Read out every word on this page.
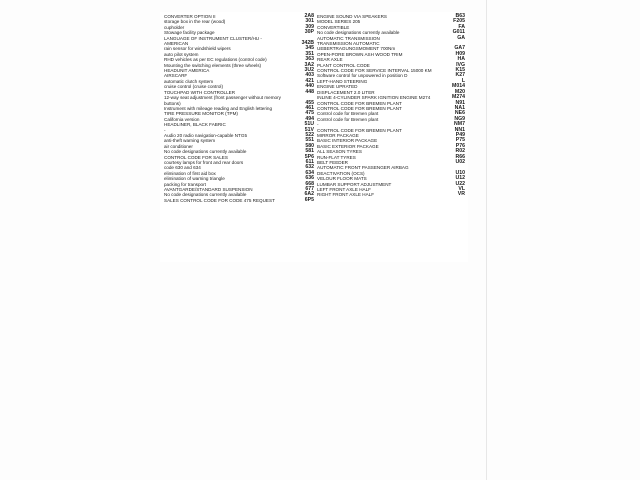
CONVERTER OPTION II	2A8
storage box in the rear (wood)	301
cupholder	309
Stowage facility package	30P
LANGUAGE OF INSTRUMENT CLUSTER/HU - AMERICAN	342B
rain sensor for windshield wipers	345
auto pilot system	351
RHD vehicles as per EC regulations (control code)	363
Mounting the switching elements (three wheels)	3A2
HEADUNIT AMERICA	3U2
AIRSCARF	403
automatic clutch system	421
cruise control (cruise control)	440
TOUCHPAD WITH CONTROLLER	448
12-way seat adjustment (front passenger without memory buttons)	455
Instrument with mileage reading and English lettering	461
TIRE PRESSURE MONITOR (TPM)	475
California version	494
HEADLINER, BLACK FABRIC	51U
-	51V
Audio 20 radio navigation-capable NTG5	522
anti-theft warning system	551
air conditioner	580
No code designations currently available	581
CONTROL CODE FOR SALES	5P6
courtesy lamps for front and rear doors	611
code 630 and 634	632
elimination of first aid box	634
elimination of warning triangle	636
packing for transport	668
AVANTGARDE/STANDARD SUSPENSION	677
No code designations currently available	6A2
SALES CONTROL CODE FOR CODE 475 REQUEST	6P5
ENGINE SOUND VIA SPEAKERS	B63
MODEL SERIES 205	F205
CONVERTIBLE	FA
No code designations currently available	G011
AUTOMATIC TRANSMISSION	GA
TRANSMISSION AUTOMATIC UEBERTRAGUNGSMOMENT 700Nm	GA7
OPEN-PORE BROWN ASH WOOD TRIM	H09
REAR AXLE	HA
PLANT CONTROL CODE	IVG
CONTROL CODE FOR SERVICE INTERVAL 15000 KM	K15
Software control for unpowered in position D	K27
LEFT-HAND STEERING	L
ENGINE UPRATED	M014
DISPLACEMENT 2.0 LITER	M20
INLINE 4-CYLINDER SPARK IGNITION ENGINE M274	M274
CONTROL CODE FOR BREMEN PLANT	N91
CONTROL CODE FOR BREMEN PLANT	NA1
Control code for Bremen plant	NE6
Control code for Bremen plant	NG9
-	NM7
CONTROL CODE FOR BREMEN PLANT	NN1
MIRROR PACKAGE	P49
BASIC INTERIOR PACKAGE	P75
BASIC EXTERIOR PACKAGE	P76
ALL SEASON TYRES	R02
RUN-FLAT TYRES	R66
BELT FEEDER	U02
AUTOMATIC FRONT PASSENGER AIRBAG DEACTIVATION (OCS)	U10
VELOUR FLOOR MATS	U12
LUMBAR SUPPORT ADJUSTMENT	U22
LEFT FRONT AXLE HALF	VL
RIGHT FRONT AXLE HALF	VR
